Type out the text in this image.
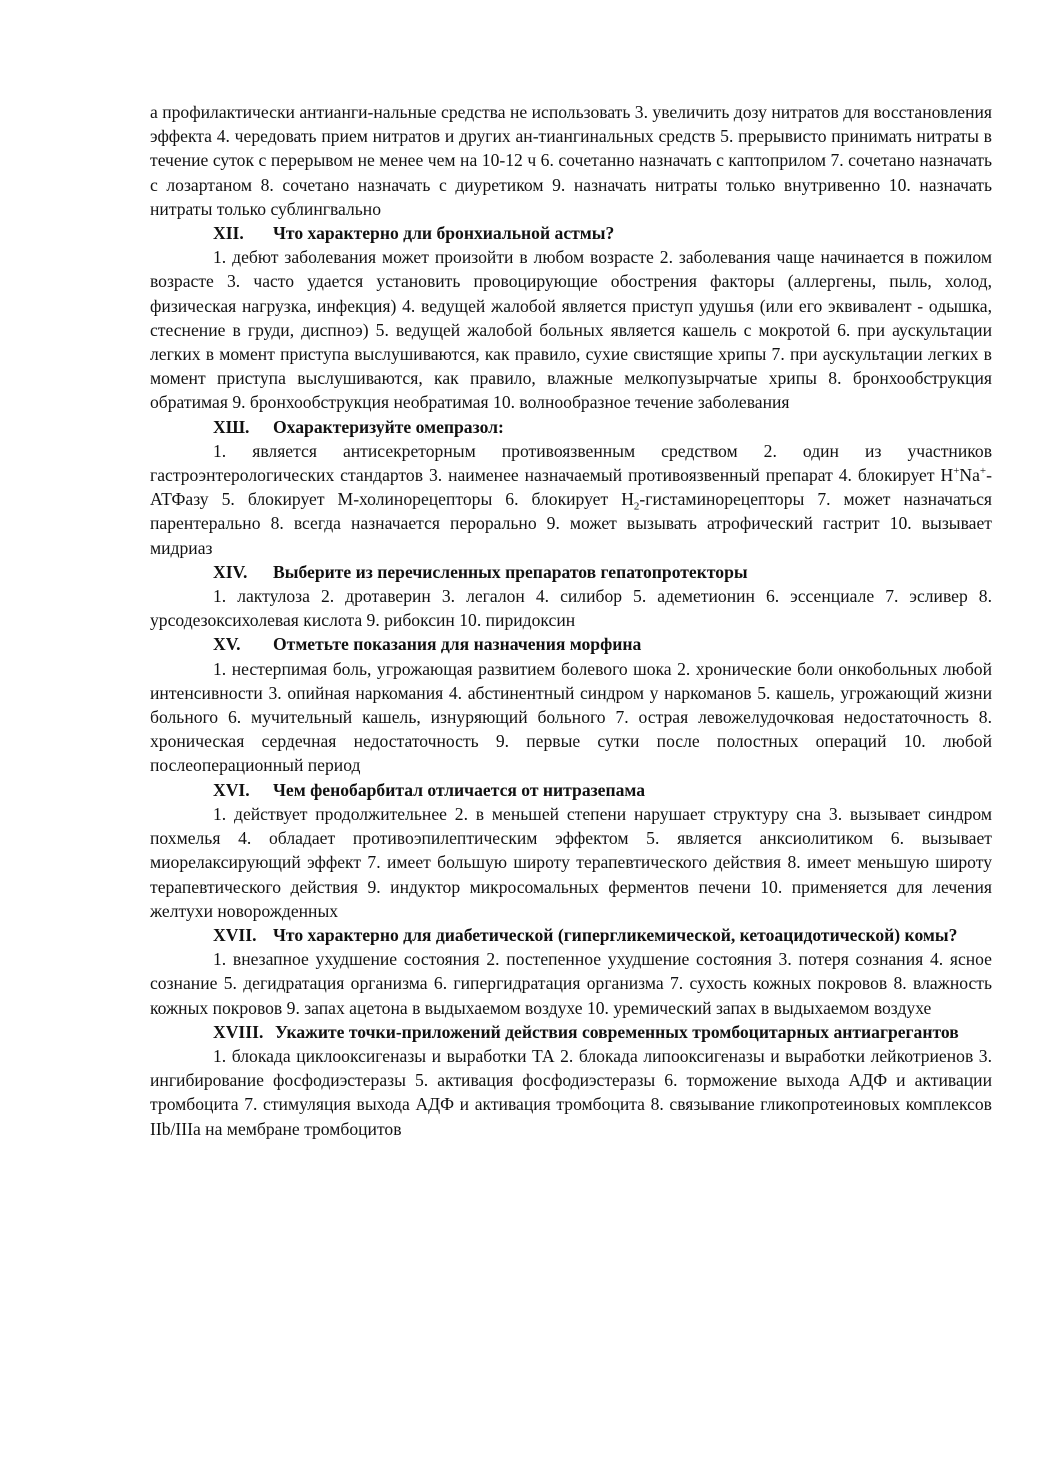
а профилактически антианги-нальные средства не использовать 3. увеличить дозу нитратов для восстановления эффекта 4. чередовать прием нитратов и других ан-тиангинальных средств 5. прерывисто принимать нитраты в течение суток с перерывом не менее чем на 10-12 ч 6. сочетанно назначать с каптоприлом 7. сочетано назначать с лозартаном 8. сочетано назначать с диуретиком 9. назначать нитраты только внутривенно 10. назначать нитраты только сублингвально

XII. Что характерно дли бронхиальной астмы?

1. дебют заболевания может произойти в любом возрасте 2. заболевания чаще начинается в пожилом возрасте 3. часто удается установить провоцирующие обострения факторы (аллергены, пыль, холод, физическая нагрузка, инфекция) 4. ведущей жалобой является приступ удушья (или его эквивалент - одышка, стеснение в груди, диспноэ) 5. ведущей жалобой больных является кашель с мокротой 6. при аускультации легких в момент приступа выслушиваются, как правило, сухие свистящие хрипы 7. при аускультации легких в момент приступа выслушиваются, как правило, влажные мелкопузырчатые хрипы 8. бронхообструкция обратимая 9. бронхообструкция необратимая 10. волнообразное течение заболевания

ХШ. Охарактеризуйте омепразол:

1. является антисекреторным противоязвенным средством 2. один из участников гастроэнтерологических стандартов 3. наименее назначаемый противоязвенный препарат 4. блокирует H+Na+-АТФазу 5. блокирует М-холинорецепторы 6. блокирует $H_2$-гистаминорецепторы 7. может назначаться парентерально 8. всегда назначается перорально 9. может вызывать атрофический гастрит 10. вызывает мидриаз

XIV. Выберите из перечисленных препаратов гепатопротекторы

1. лактулоза 2. дротаверин 3. легалон 4. силибор 5. адеметионин 6. эссенциале 7. эсливер 8. урсодезоксихолевая кислота 9. рибоксин 10. пиридоксин

XV. Отметьте показания для назначения морфина

1. нестерпимая боль, угрожающая развитием болевого шока 2. хронические боли онкобольных любой интенсивности 3. опийная наркомания 4. абстинентный синдром у наркоманов 5. кашель, угрожающий жизни больного 6. мучительный кашель, изнуряющий больного 7. острая левожелудочковая недостаточность 8. хроническая сердечная недостаточность 9. первые сутки после полостных операций 10. любой послеоперационный период

XVI. Чем фенобарбитал отличается от нитразепама

1. действует продолжительнее 2. в меньшей степени нарушает структуру сна 3. вызывает синдром похмелья 4. обладает противоэпилептическим эффектом 5. является анксиолитиком 6. вызывает миорелаксирующий эффект 7. имеет большую широту терапевтического действия 8. имеет меньшую широту терапевтического действия 9. индуктор микросомальных ферментов печени 10. применяется для лечения желтухи новорожденных

XVII. Что характерно для диабетической (гипергликемической, кетоацидотической) комы?

1. внезапное ухудшение состояния 2. постепенное ухудшение состояния 3. потеря сознания 4. ясное сознание 5. дегидратация организма 6. гипергидратация организма 7. сухость кожных покровов 8. влажность кожных покровов 9. запах ацетона в выдыхаемом воздухе 10. уремический запах в выдыхаемом воздухе

XVIII. Укажите точки-приложений действия современных тромбоцитарных антиагрегантов

1. блокада циклооксигеназы и выработки ТА 2. блокада липооксигеназы и выработки лейкотриенов 3. ингибирование фосфодиэстеразы 5. активация фосфодиэстеразы 6. торможение выхода АДФ и активации тромбоцита 7. стимуляция выхода АДФ и активация тромбоцита 8. связывание гликопротеиновых комплексов IIb/IIIa на мембране тромбоцитов
